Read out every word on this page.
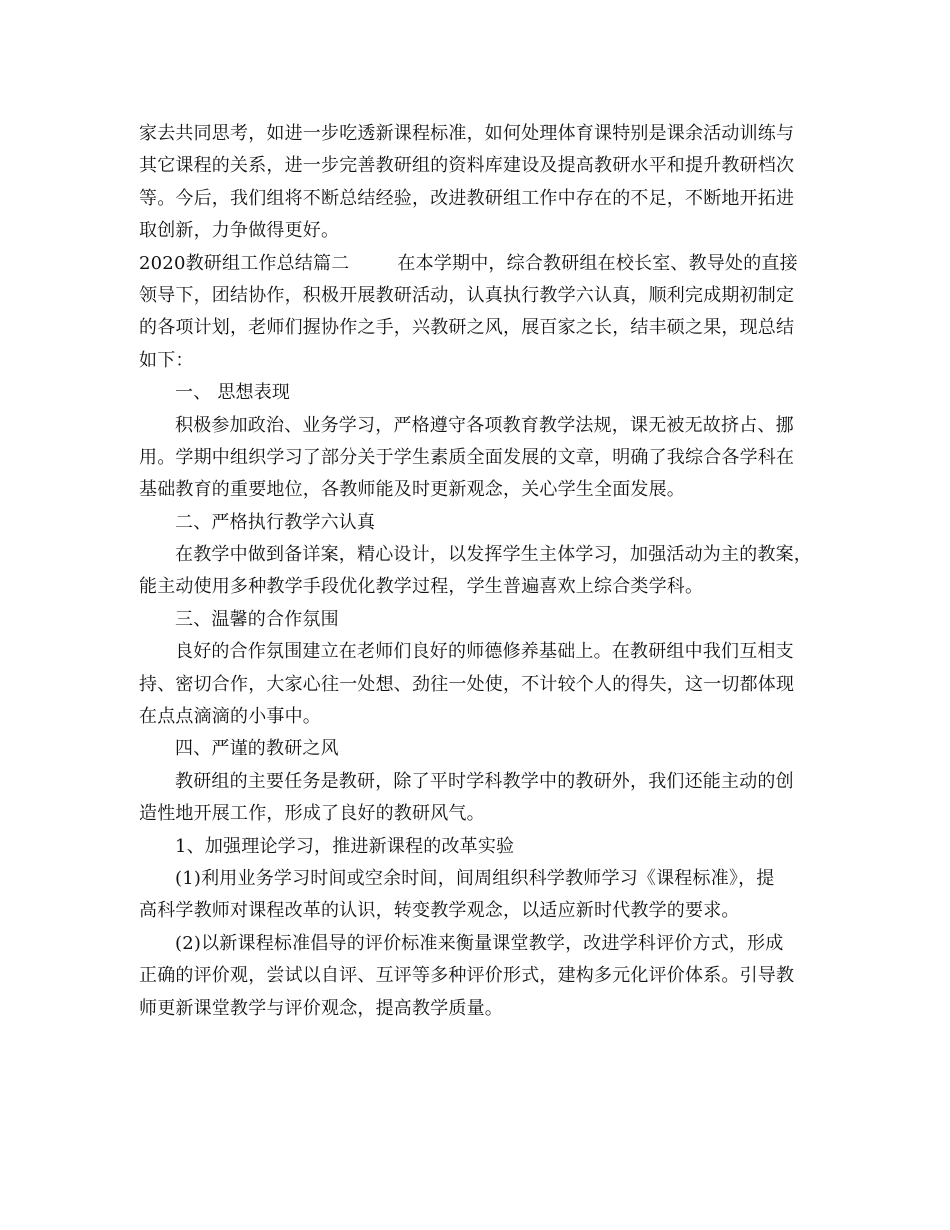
家去共同思考，如进一步吃透新课程标准，如何处理体育课特别是课余活动训练与
其它课程的关系，进一步完善教研组的资料库建设及提高教研水平和提升教研档次
等。今后，我们组将不断总结经验，改进教研组工作中存在的不足，不断地开拓进
取创新，力争做得更好。
2020教研组工作总结篇二	在本学期中，综合教研组在校长室、教导处的直接
领导下，团结协作，积极开展教研活动，认真执行教学六认真，顺利完成期初制定
的各项计划，老师们握协作之手，兴教研之风，展百家之长，结丰硕之果，现总结
如下：
一、 思想表现
积极参加政治、业务学习，严格遵守各项教育教学法规，课无被无故挤占、挪
用。学期中组织学习了部分关于学生素质全面发展的文章，明确了我综合各学科在
基础教育的重要地位，各教师能及时更新观念，关心学生全面发展。
二、严格执行教学六认真
在教学中做到备详案，精心设计，以发挥学生主体学习，加强活动为主的教案，
能主动使用多种教学手段优化教学过程，学生普遍喜欢上综合类学科。
三、温馨的合作氛围
良好的合作氛围建立在老师们良好的师德修养基础上。在教研组中我们互相支
持、密切合作，大家心往一处想、劲往一处使，不计较个人的得失，这一切都体现
在点点滴滴的小事中。
四、严谨的教研之风
教研组的主要任务是教研，除了平时学科教学中的教研外，我们还能主动的创
造性地开展工作，形成了良好的教研风气。
1、加强理论学习，推进新课程的改革实验
(1)利用业务学习时间或空余时间，间周组织科学教师学习《课程标准》，提
高科学教师对课程改革的认识，转变教学观念，以适应新时代教学的要求。
(2)以新课程标准倡导的评价标准来衡量课堂教学，改进学科评价方式，形成
正确的评价观，尝试以自评、互评等多种评价形式，建构多元化评价体系。引导教
师更新课堂教学与评价观念，提高教学质量。
